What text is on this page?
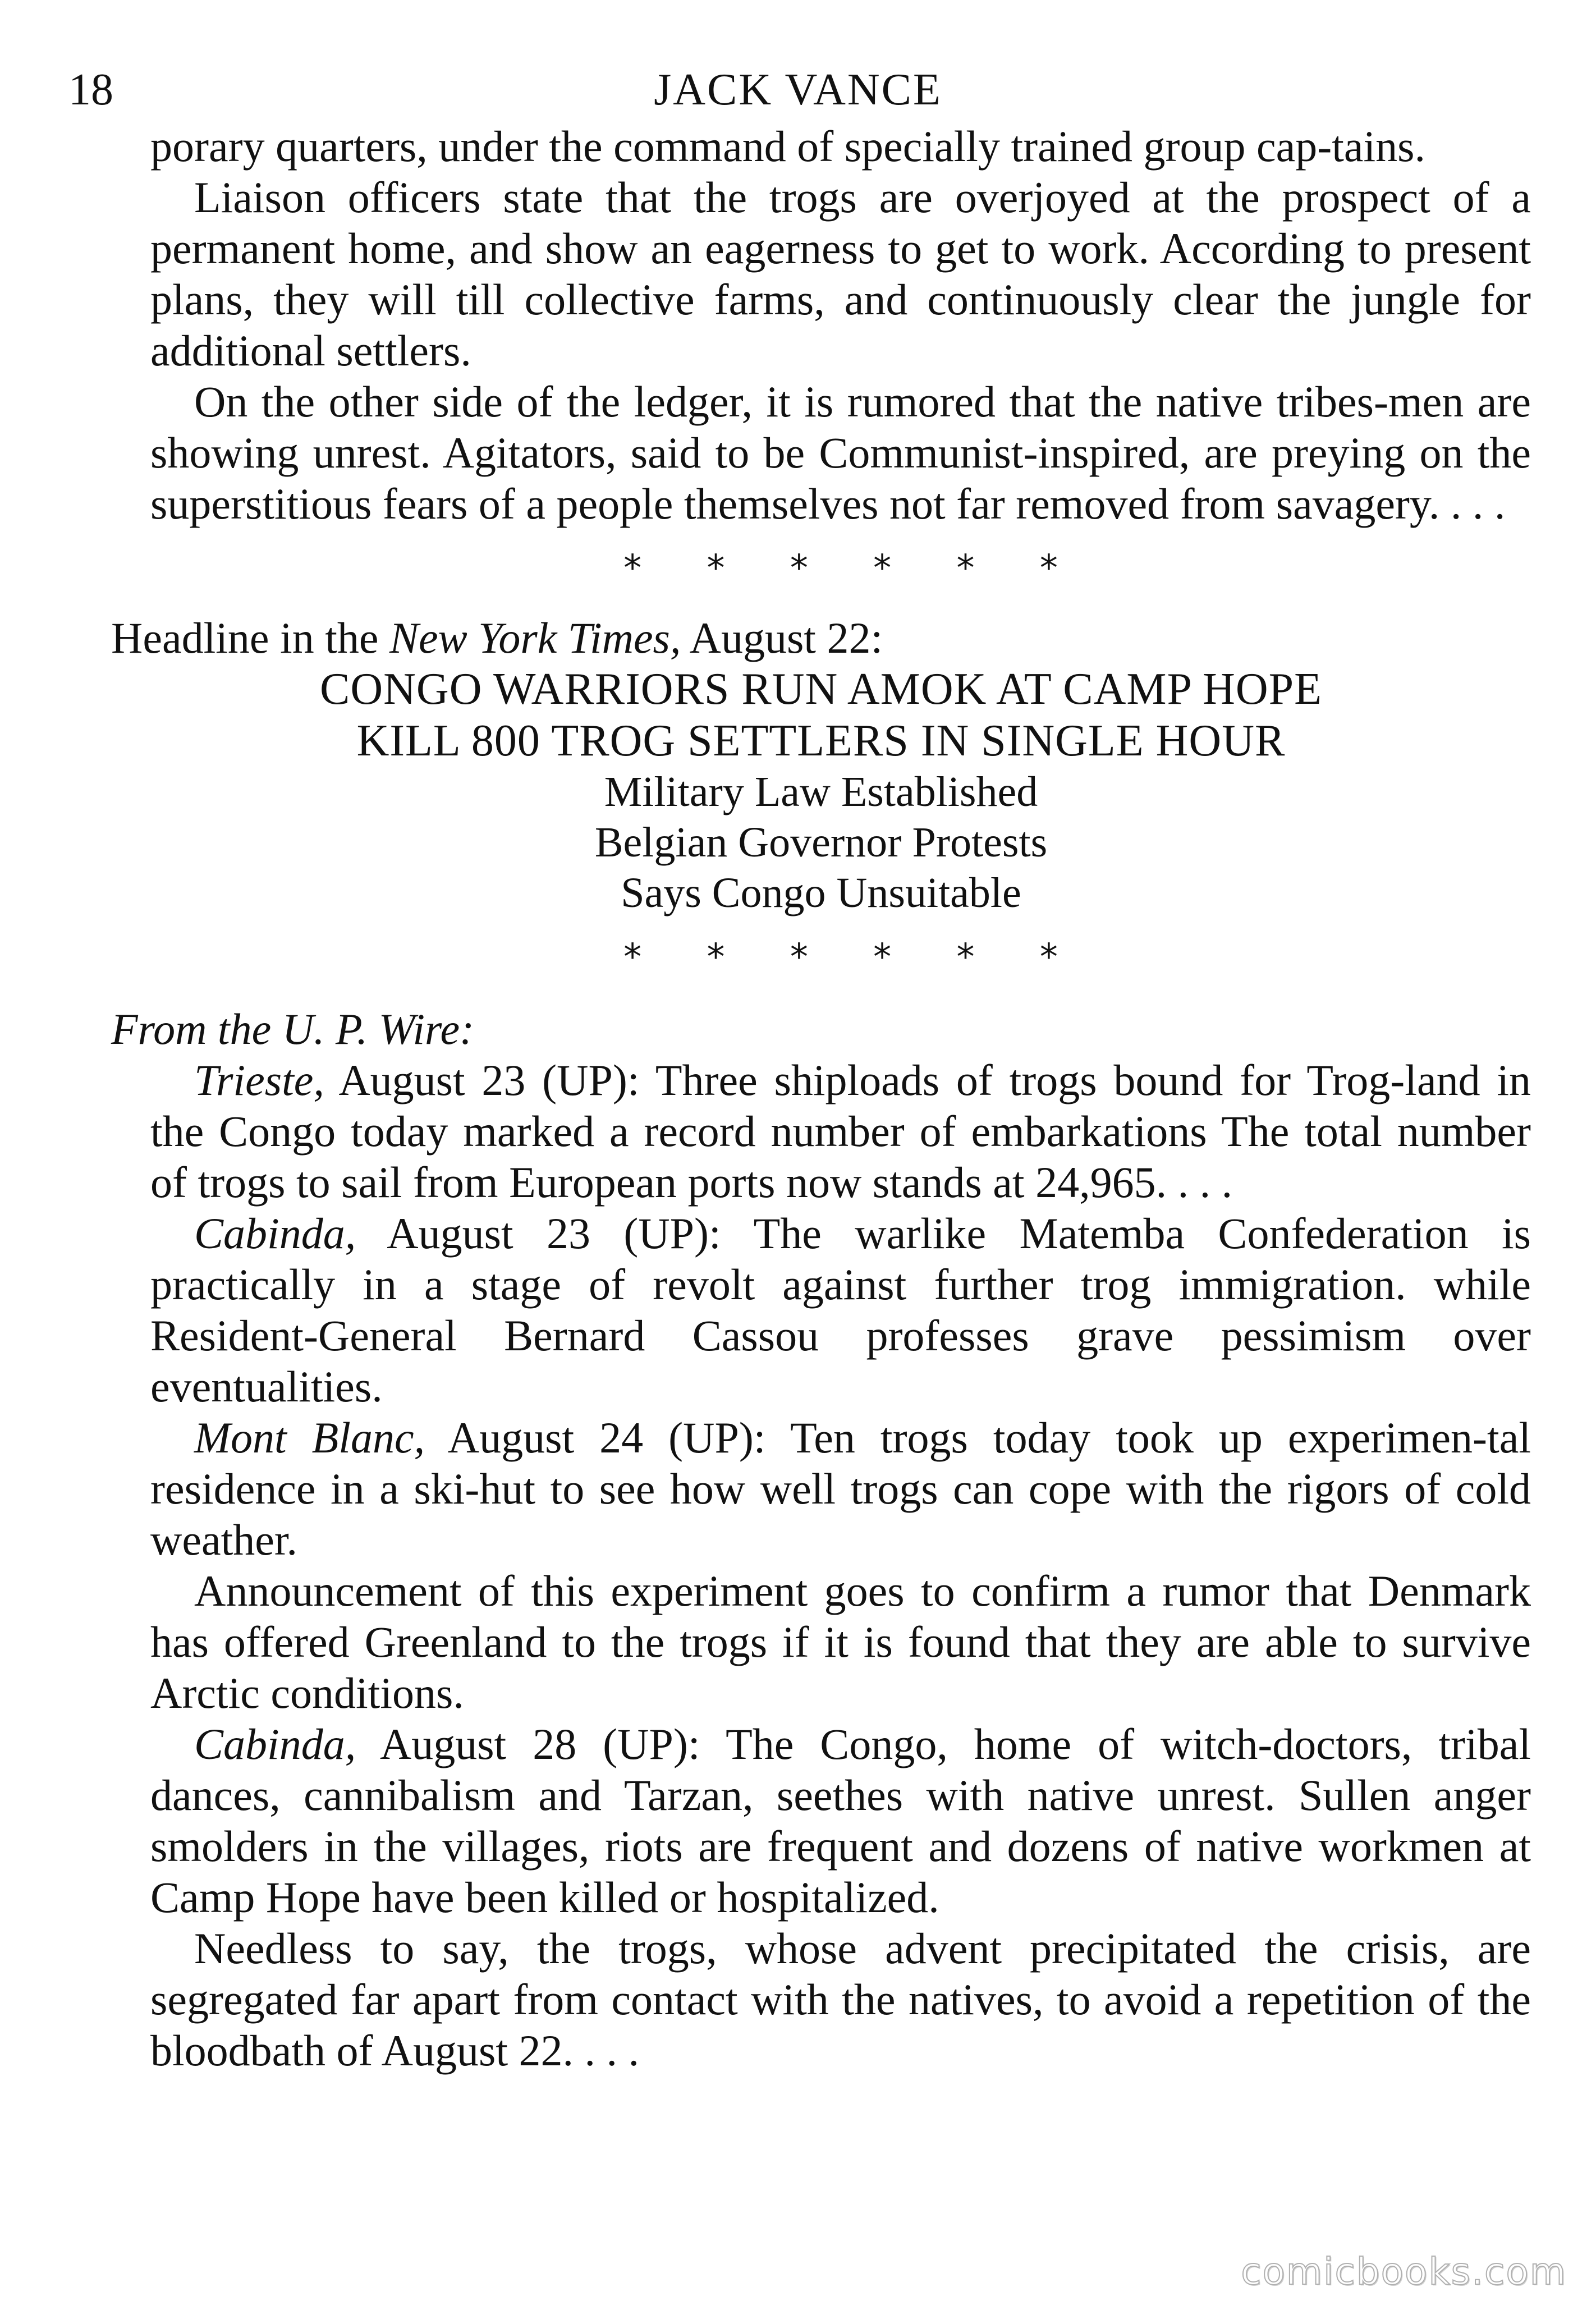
18	JACK VANCE

porary quarters, under the command of specially trained group cap-tains.

Liaison officers state that the trogs are overjoyed at the prospect of a permanent home, and show an eagerness to get to work. According to present plans, they will till collective farms, and continuously clear the jungle for additional settlers.

On the other side of the ledger, it is rumored that the native tribes-men are showing unrest. Agitators, said to be Communist-inspired, are preying on the superstitious fears of a people themselves not far removed from savagery. . . .

* * * * * *
Headline in the New York Times, August 22:
CONGO WARRIORS RUN AMOK AT CAMP HOPE
KILL 800 TROG SETTLERS IN SINGLE HOUR
Military Law Established
Belgian Governor Protests
Says Congo Unsuitable
* * * * * *
From the U. P. Wire:

Trieste, August 23 (UP): Three shiploads of trogs bound for Trog-land in the Congo today marked a record number of embarkations The total number of trogs to sail from European ports now stands at 24,965. . . .

Cabinda, August 23 (UP): The warlike Matemba Confederation is practically in a stage of revolt against further trog immigration. while Resident-General Bernard Cassou professes grave pessimism over eventualities.

Mont Blanc, August 24 (UP): Ten trogs today took up experimen-tal residence in a ski-hut to see how well trogs can cope with the rigors of cold weather.

Announcement of this experiment goes to confirm a rumor that Denmark has offered Greenland to the trogs if it is found that they are able to survive Arctic conditions.

Cabinda, August 28 (UP): The Congo, home of witch-doctors, tribal dances, cannibalism and Tarzan, seethes with native unrest. Sullen anger smolders in the villages, riots are frequent and dozens of native workmen at Camp Hope have been killed or hospitalized.

Needless to say, the trogs, whose advent precipitated the crisis, are segregated far apart from contact with the natives, to avoid a repetition of the bloodbath of August 22. . . .

comicbooks.com
